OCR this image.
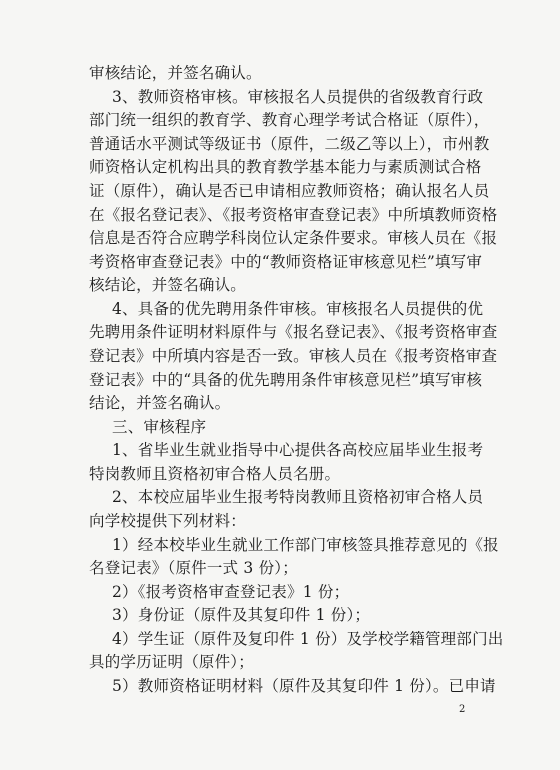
审核结论，并签名确认。
3、教师资格审核。审核报名人员提供的省级教育行政
部门统一组织的教育学、教育心理学考试合格证（原件），
普通话水平测试等级证书（原件，二级乙等以上），市州教
师资格认定机构出具的教育教学基本能力与素质测试合格
证（原件），确认是否已申请相应教师资格；确认报名人员
在《报名登记表》、《报考资格审查登记表》中所填教师资格
信息是否符合应聘学科岗位认定条件要求。审核人员在《报
考资格审查登记表》中的“教师资格证审核意见栏”填写审
核结论，并签名确认。
4、具备的优先聘用条件审核。审核报名人员提供的优
先聘用条件证明材料原件与《报名登记表》、《报考资格审查
登记表》中所填内容是否一致。审核人员在《报考资格审查
登记表》中的“具备的优先聘用条件审核意见栏”填写审核
结论，并签名确认。
三、审核程序
1、省毕业生就业指导中心提供各高校应届毕业生报考
特岗教师且资格初审合格人员名册。
2、本校应届毕业生报考特岗教师且资格初审合格人员
向学校提供下列材料：
1）经本校毕业生就业工作部门审核签具推荐意见的《报
名登记表》（原件一式 3 份）；
2）《报考资格审查登记表》1 份；
3）身份证（原件及其复印件 1 份）；
4）学生证（原件及复印件 1 份）及学校学籍管理部门出
具的学历证明（原件）；
5）教师资格证明材料（原件及其复印件 1 份）。已申请
2
